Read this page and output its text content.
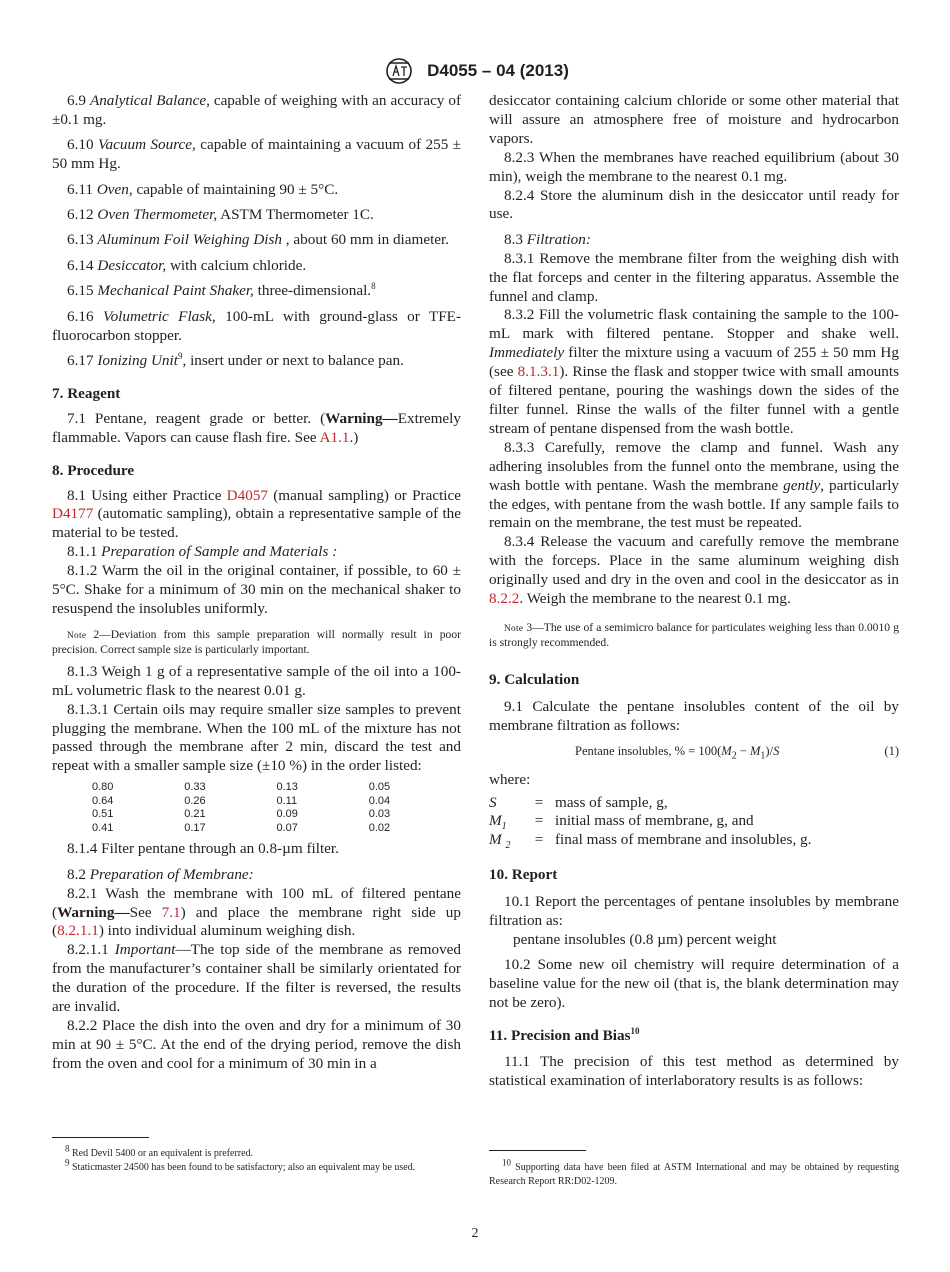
D4055 – 04 (2013)

6.9 Analytical Balance, capable of weighing with an accuracy of ±0.1 mg.

6.10 Vacuum Source, capable of maintaining a vacuum of 255 ± 50 mm Hg.

6.11 Oven, capable of maintaining 90 ± 5°C.

6.12 Oven Thermometer, ASTM Thermometer 1C.

6.13 Aluminum Foil Weighing Dish , about 60 mm in diameter.

6.14 Desiccator, with calcium chloride.

6.15 Mechanical Paint Shaker, three-dimensional.$^8$

6.16 Volumetric Flask, 100-mL with ground-glass or TFE-fluorocarbon stopper.

6.17 Ionizing Unit$^9$, insert under or next to balance pan.

7. Reagent

7.1 Pentane, reagent grade or better. (Warning—Extremely flammable. Vapors can cause flash fire. See A1.1.)

8. Procedure

8.1 Using either Practice D4057 (manual sampling) or Practice D4177 (automatic sampling), obtain a representative sample of the material to be tested.

8.1.1 Preparation of Sample and Materials :

8.1.2 Warm the oil in the original container, if possible, to 60 ± 5°C. Shake for a minimum of 30 min on the mechanical shaker to resuspend the insolubles uniformly.

Note 2—Deviation from this sample preparation will normally result in poor precision. Correct sample size is particularly important.

8.1.3 Weigh 1 g of a representative sample of the oil into a 100-mL volumetric flask to the nearest 0.01 g.

8.1.3.1 Certain oils may require smaller size samples to prevent plugging the membrane. When the 100 mL of the mixture has not passed through the membrane after 2 min, discard the test and repeat with a smaller sample size (±10 %) in the order listed:

0.80	0.33	0.13	0.05
0.64	0.26	0.11	0.04
0.51	0.21	0.09	0.03
0.41	0.17	0.07	0.02

8.1.4 Filter pentane through an 0.8-µm filter.

8.2 Preparation of Membrane:

8.2.1 Wash the membrane with 100 mL of filtered pentane (Warning—See 7.1) and place the membrane right side up (8.2.1.1) into individual aluminum weighing dish.

8.2.1.1 Important—The top side of the membrane as removed from the manufacturer’s container shall be similarly orientated for the duration of the procedure. If the filter is reversed, the results are invalid.

8.2.2 Place the dish into the oven and dry for a minimum of 30 min at 90 ± 5°C. At the end of the drying period, remove the dish from the oven and cool for a minimum of 30 min in a

desiccator containing calcium chloride or some other material that will assure an atmosphere free of moisture and hydrocarbon vapors.

8.2.3 When the membranes have reached equilibrium (about 30 min), weigh the membrane to the nearest 0.1 mg.

8.2.4 Store the aluminum dish in the desiccator until ready for use.

8.3 Filtration:

8.3.1 Remove the membrane filter from the weighing dish with the flat forceps and center in the filtering apparatus. Assemble the funnel and clamp.

8.3.2 Fill the volumetric flask containing the sample to the 100-mL mark with filtered pentane. Stopper and shake well. Immediately filter the mixture using a vacuum of 255 ± 50 mm Hg (see 8.1.3.1). Rinse the flask and stopper twice with small amounts of filtered pentane, pouring the washings down the sides of the filter funnel. Rinse the walls of the filter funnel with a gentle stream of pentane dispensed from the wash bottle.

8.3.3 Carefully, remove the clamp and funnel. Wash any adhering insolubles from the funnel onto the membrane, using the wash bottle with pentane. Wash the membrane gently, particularly the edges, with pentane from the wash bottle. If any sample fails to remain on the membrane, the test must be repeated.

8.3.4 Release the vacuum and carefully remove the membrane with the forceps. Place in the same aluminum weighing dish originally used and dry in the oven and cool in the desiccator as in 8.2.2. Weigh the membrane to the nearest 0.1 mg.

Note 3—The use of a semimicro balance for particulates weighing less than 0.0010 g is strongly recommended.

9. Calculation

9.1 Calculate the pentane insolubles content of the oil by membrane filtration as follows:

Pentane insolubles, % = $100(M_2 - M_1)/S$	(1)

where:

S	= mass of sample, g,
$M_1$	= initial mass of membrane, g, and
M $_2$	= final mass of membrane and insolubles, g.

10. Report

10.1 Report the percentages of pentane insolubles by membrane filtration as:

pentane insolubles (0.8 µm) percent weight

10.2 Some new oil chemistry will require determination of a baseline value for the new oil (that is, the blank determination may not be zero).

11. Precision and Bias$^{10}$

11.1 The precision of this test method as determined by statistical examination of interlaboratory results is as follows:

$^8$ Red Devil 5400 or an equivalent is preferred.

$^9$ Staticmaster 24500 has been found to be satisfactory; also an equivalent may be used.	$^{10}$ Supporting data have been filed at ASTM International and may be obtained by requesting Research Report RR:D02-1209.

2
